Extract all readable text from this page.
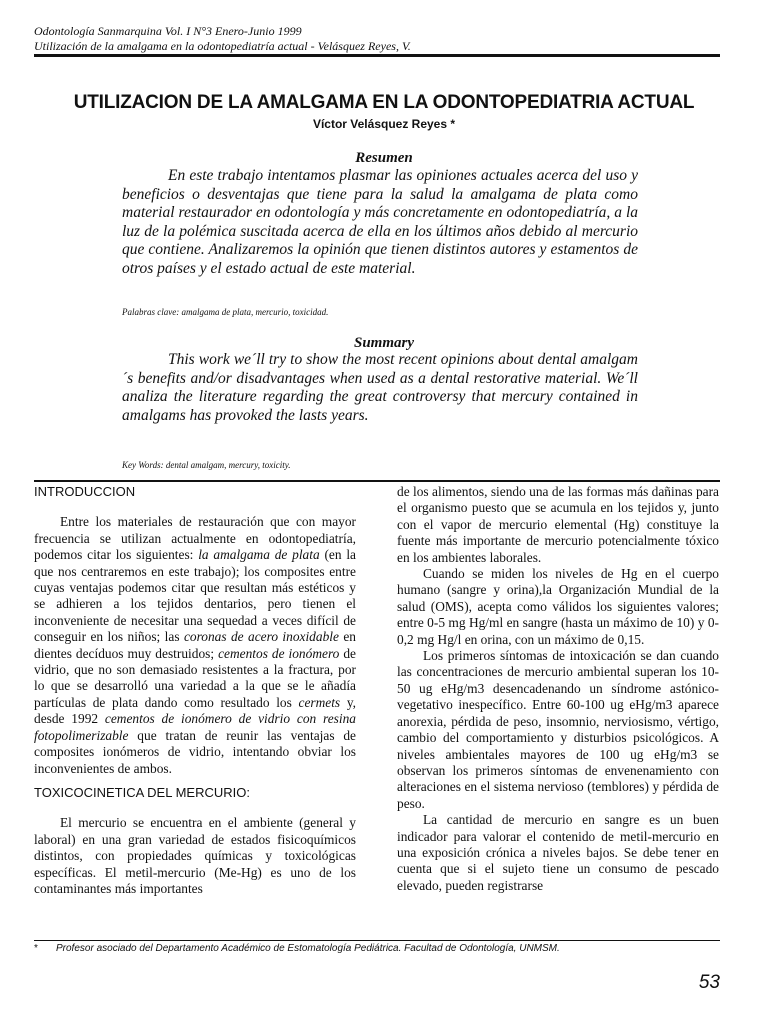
Odontología Sanmarquina Vol. I N°3 Enero-Junio 1999
Utilización de la amalgama en la odontopediatría actual - Velásquez Reyes, V.
UTILIZACION DE LA AMALGAMA EN LA ODONTOPEDIATRIA ACTUAL
Víctor Velásquez Reyes *
Resumen

En este trabajo intentamos plasmar las opiniones actuales acerca del uso y beneficios o desventajas que tiene para la salud la amalgama de plata como material restaurador en odontología y más concretamente en odontopediatría, a la luz de la polémica suscitada acerca de ella en los últimos años debido al mercurio que contiene. Analizaremos la opinión que tienen distintos autores y estamentos de otros países y el estado actual de este material.

Palabras clave: amalgama de plata, mercurio, toxicidad.
Summary

This work we´ll try to show the most recent opinions about dental amalgam´s benefits and/or disadvantages when used as a dental restorative material. We´ll analiza the literature regarding the great controversy that mercury contained in amalgams has provoked the lasts years.

Key Words: dental amalgam, mercury, toxicity.
INTRODUCCION

Entre los materiales de restauración que con mayor frecuencia se utilizan actualmente en odontopediatría, podemos citar los siguientes: la amalgama de plata (en la que nos centraremos en este trabajo); los composites entre cuyas ventajas podemos citar que resultan más estéticos y se adhieren a los tejidos dentarios, pero tienen el inconveniente de necesitar una sequedad a veces difícil de conseguir en los niños; las coronas de acero inoxidable en dientes decíduos muy destruidos; cementos de ionómero de vidrio, que no son demasiado resistentes a la fractura, por lo que se desarrolló una variedad a la que se le añadía partículas de plata dando como resultado los cermets y, desde 1992 cementos de ionómero de vidrio con resina fotopolimerizable que tratan de reunir las ventajas de composites ionómeros de vidrio, intentando obviar los inconvenientes de ambos.

TOXICOCINETICA DEL MERCURIO:

El mercurio se encuentra en el ambiente (general y laboral) en una gran variedad de estados fisicoquímicos distintos, con propiedades químicas y toxicológicas específicas. El metil-mercurio (Me-Hg) es uno de los contaminantes más importantes

de los alimentos, siendo una de las formas más dañinas para el organismo puesto que se acumula en los tejidos y, junto con el vapor de mercurio elemental (Hg) constituye la fuente más importante de mercurio potencialmente tóxico en los ambientes laborales.

Cuando se miden los niveles de Hg en el cuerpo humano (sangre y orina),la Organización Mundial de la salud (OMS), acepta como válidos los siguientes valores; entre 0-5 mg Hg/ml en sangre (hasta un máximo de 10) y 0-0,2 mg Hg/l en orina, con un máximo de 0,15.

Los primeros síntomas de intoxicación se dan cuando las concentraciones de mercurio ambiental superan los 10-50 ug eHg/m3 desencadenando un síndrome astónico-vegetativo inespecífico. Entre 60-100 ug eHg/m3 aparece anorexia, pérdida de peso, insomnio, nerviosismo, vértigo, cambio del comportamiento y disturbios psicológicos. A niveles ambientales mayores de 100 ug eHg/m3 se observan los primeros síntomas de envenenamiento con alteraciones en el sistema nervioso (temblores) y pérdida de peso.

La cantidad de mercurio en sangre es un buen indicador para valorar el contenido de metil-mercurio en una exposición crónica a niveles bajos. Se debe tener en cuenta que si el sujeto tiene un consumo de pescado elevado, pueden registrarse

* Profesor asociado del Departamento Académico de Estomatología Pediátrica. Facultad de Odontología, UNMSM.
53
